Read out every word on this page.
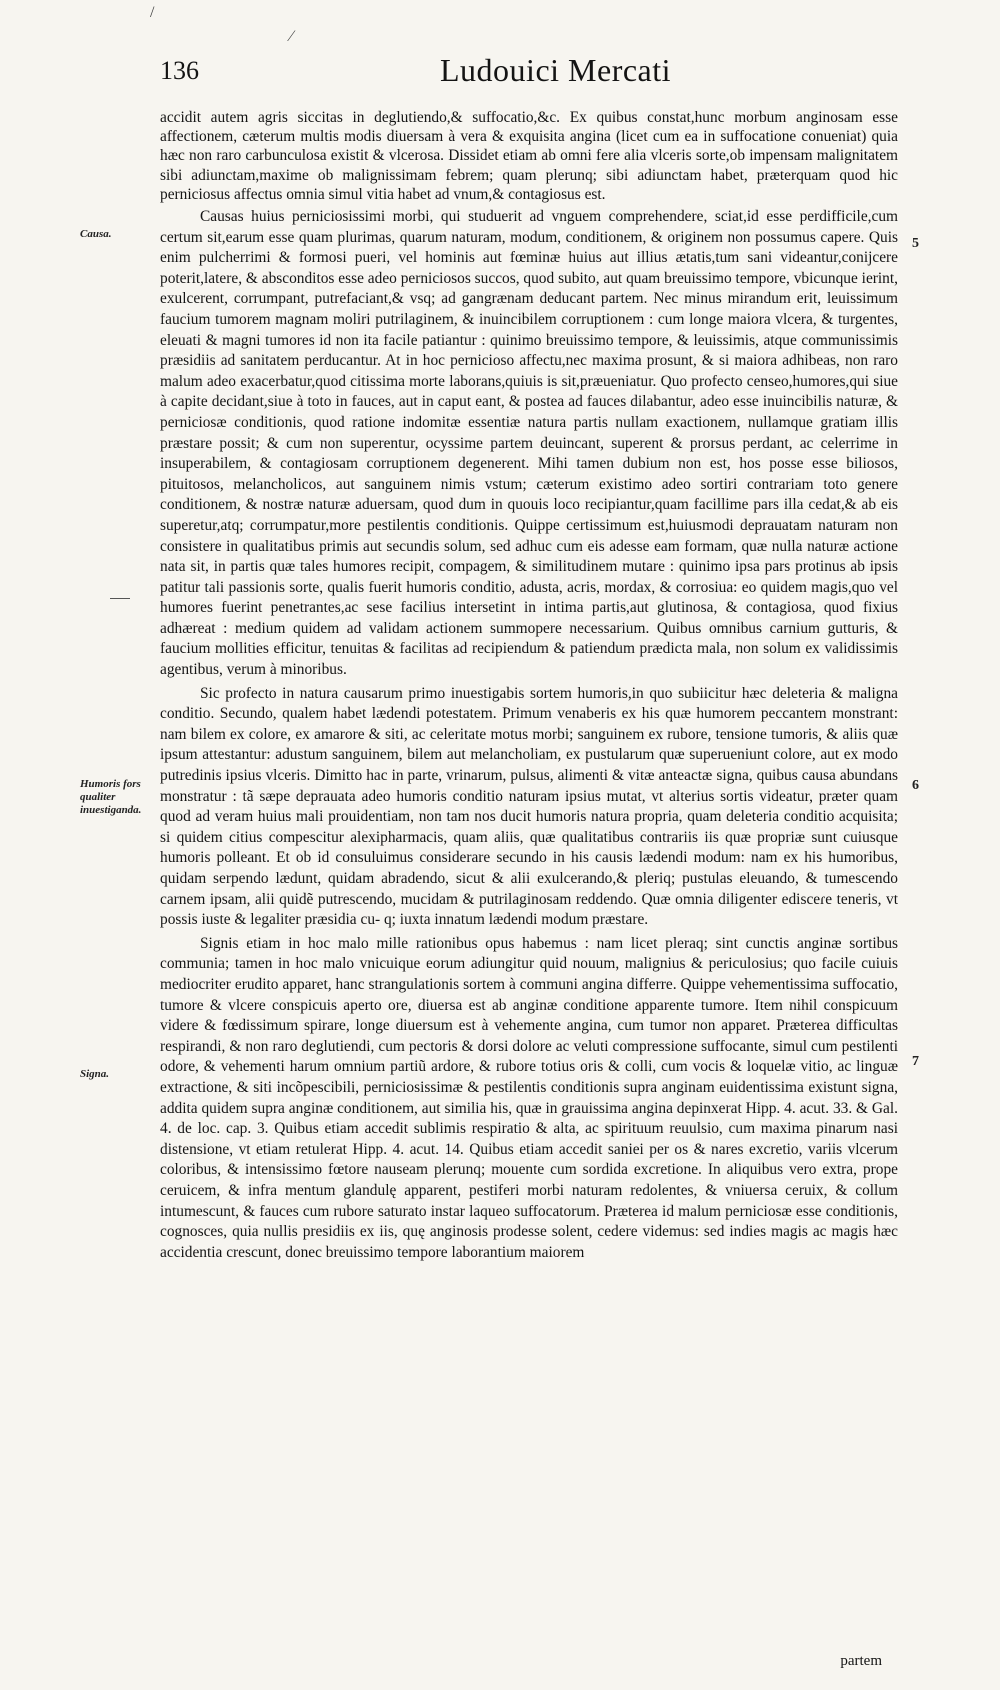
/
⁄
136	Ludouici Mercati
Causa.
Humoris fors qualiter inuestiganda.
Signa.
5
6
7

accidit autem agris siccitas in deglutiendo,& suffocatio,&c. Ex quibus constat,hunc morbum anginosam esse affectionem, cæterum multis modis diuersam à vera & exquisita angina (licet cum ea in suffocatione conueniat) quia hæc non raro carbunculosa existit & vlcerosa. Dissidet etiam ab omni fere alia vlceris sorte,ob impensam malignitatem sibi adiunctam,maxime ob malignissimam febrem; quam plerunq; sibi adiunctam habet, præterquam quod hic perniciosus affectus omnia simul vitia habet ad vnum,& contagiosus est.

Causas huius perniciosissimi morbi, qui studuerit ad vnguem comprehendere, sciat,id esse perdifficile,cum certum sit,earum esse quam plurimas, quarum naturam, modum, conditionem, & originem non possumus capere. Quis enim pulcherrimi & formosi pueri, vel hominis aut fœminæ huius aut illius ætatis,tum sani videantur,conijcere poterit,latere, & absconditos esse adeo perniciosos succos, quod subito, aut quam breuissimo tempore, vbicunque ierint, exulcerent, corrumpant, putrefaciant,& vsq; ad gangrænam deducant partem. Nec minus mirandum erit, leuissimum faucium tumorem magnam moliri putrilaginem, & inuincibilem corruptionem : cum longe maiora vlcera, & turgentes, eleuati & magni tumores id non ita facile patiantur : quinimo breuissimo tempore, & leuissimis, atque communissimis præsidiis ad sanitatem perducantur. At in hoc pernicioso affectu,nec maxima prosunt, & si maiora adhibeas, non raro malum adeo exacerbatur,quod citissima morte laborans,quiuis is sit,præueniatur. Quo profecto censeo,humores,qui siue à capite decidant,siue à toto in fauces, aut in caput eant, & postea ad fauces dilabantur, adeo esse inuincibilis naturæ, & perniciosæ conditionis, quod ratione indomitæ essentiæ natura partis nullam exactionem, nullamque gratiam illis præstare possit; & cum non superentur, ocyssime partem deuincant, superent & prorsus perdant, ac celerrime in insuperabilem, & contagiosam corruptionem degenerent. Mihi tamen dubium non est, hos posse esse biliosos, pituitosos, melancholicos, aut sanguinem nimis vstum; cæterum existimo adeo sortiri contrariam toto genere conditionem, & nostræ naturæ aduersam, quod dum in quouis loco recipiantur,quam facillime pars illa cedat,& ab eis superetur,atq; corrumpatur,more pestilentis conditionis. Quippe certissimum est,huiusmodi deprauatam naturam non consistere in qualitatibus primis aut secundis solum, sed adhuc cum eis adesse eam formam, quæ nulla naturæ actione nata sit, in partis quæ tales humores recipit, compagem, & similitudinem mutare : quinimo ipsa pars protinus ab ipsis patitur tali passionis sorte, qualis fuerit humoris conditio, adusta, acris, mordax, & corrosiua: eo quidem magis,quo vel humores fuerint penetrantes,ac sese facilius intersetint in intima partis,aut glutinosa, & contagiosa, quod fixius adhæreat : medium quidem ad validam actionem summopere necessarium. Quibus omnibus carnium gutturis, & faucium mollities efficitur, tenuitas & facilitas ad recipiendum & patiendum prædicta mala, non solum ex validissimis agentibus, verum à minoribus.

Sic profecto in natura causarum primo inuestigabis sortem humoris,in quo subiicitur hæc deleteria & maligna conditio. Secundo, qualem habet lædendi potestatem. Primum venaberis ex his quæ humorem peccantem monstrant: nam bilem ex colore, ex amarore & siti, ac celeritate motus morbi; sanguinem ex rubore, tensione tumoris, & aliis quæ ipsum attestantur: adustum sanguinem, bilem aut melancholiam, ex pustularum quæ superueniunt colore, aut ex modo putredinis ipsius vlceris. Dimitto hac in parte, vrinarum, pulsus, alimenti & vitæ anteactæ signa, quibus causa abundans monstratur : tã sæpe deprauata adeo humoris conditio naturam ipsius mutat, vt alterius sortis videatur, præter quam quod ad veram huius mali prouidentiam, non tam nos ducit humoris natura propria, quam deleteria conditio acquisita; si quidem citius compescitur alexipharmacis, quam aliis, quæ qualitatibus contrariis iis quæ propriæ sunt cuiusque humoris polleant. Et ob id consuluimus considerare secundo in his causis lædendi modum: nam ex his humoribus, quidam serpendo lædunt, quidam abradendo, sicut & alii exulcerando,& pleriq; pustulas eleuando, & tumescendo carnem ipsam, alii quidẽ putrescendo, mucidam & putrilaginosam reddendo. Quæ omnia diligenter edisceɾe teneris, vt possis iuste & legaliter præsidia cu- q; iuxta innatum lædendi modum præstare.

Signis etiam in hoc malo mille rationibus opus habemus : nam licet pleraq; sint cunctis anginæ sortibus communia; tamen in hoc malo vnicuique eorum adiungitur quid nouum, malignius & periculosius; quo facile cuiuis mediocriter erudito apparet, hanc strangulationis sortem à communi angina differre. Quippe vehementissima suffocatio, tumore & vlcere conspicuis aperto ore, diuersa est ab anginæ conditione apparente tumore. Item nihil conspicuum videre & fœdissimum spirare, longe diuersum est à vehemente angina, cum tumor non apparet. Præterea difficultas respirandi, & non raro deglutiendi, cum pectoris & dorsi dolore ac veluti compressione suffocante, simul cum pestilenti odore, & vehementi harum omnium partiũ ardore, & rubore totius oris & colli, cum vocis & loquelæ vitio, ac linguæ extractione, & siti incõpescibili, perniciosissimæ & pestilentis conditionis supra anginam euidentissima existunt signa, addita quidem supra anginæ conditionem, aut similia his, quæ in grauissima angina depinxerat Hipp. 4. acut. 33. & Gal. 4. de loc. cap. 3. Quibus etiam accedit sublimis respiratio & alta, ac spirituum reuulsio, cum maxima pinarum nasi distensione, vt etiam retulerat Hipp. 4. acut. 14. Quibus etiam accedit saniei per os & nares excretio, variis vlcerum coloribus, & intensissimo fœtore nauseam plerunq; mouente cum sordida excretione. In aliquibus vero extra, prope ceruicem, & infra mentum glandulę apparent, pestiferi morbi naturam redolentes, & vniuersa ceruix, & collum intumescunt, & fauces cum rubore saturato instar laqueo suffocatorum. Præterea id malum perniciosæ esse conditionis, cognosces, quia nullis presidiis ex iis, quę anginosis prodesse solent, cedere videmus: sed indies magis ac magis hæc accidentia crescunt, donec breuissimo tempore laborantium maiorem

partem
